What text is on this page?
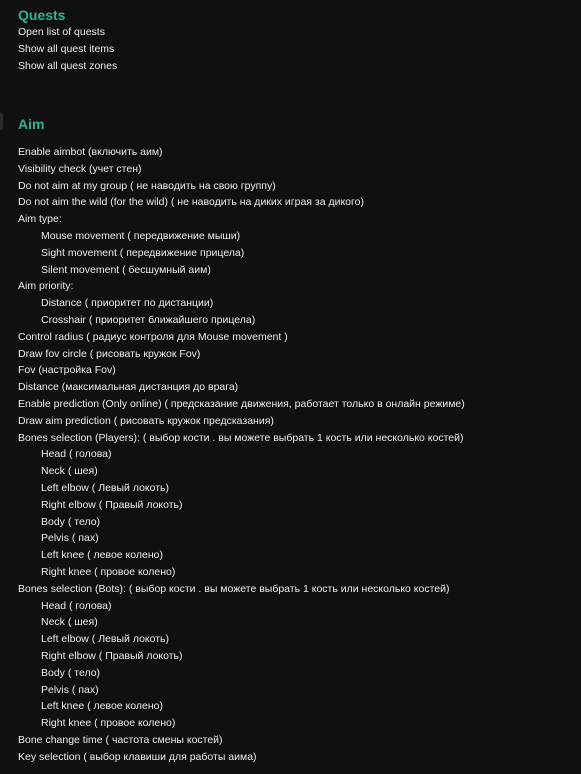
Quests
Open list of quests
Show all quest items
Show all quest zones
Aim
Enable aimbot (включить аим)
Visibility check (учет стен)
Do not aim at my group ( не наводить на свою группу)
Do not aim the wild (for the wild) ( не наводить на диких играя за дикого)
Aim type:
Mouse movement ( передвижение мыши)
Sight movement ( передвижение прицела)
Silent movement ( бесшумный аим)
Aim priority:
Distance ( приоритет по дистанции)
Crosshair ( приоритет ближайшего прицела)
Control radius ( радиус контроля для Mouse movement )
Draw fov circle ( рисовать кружок Fov)
Fov (настройка Fov)
Distance (максимальная дистанция до врага)
Enable prediction (Only online) ( предсказание движения, работает только в онлайн режиме)
Draw aim prediction ( рисовать кружок предсказания)
Bones selection (Players): ( выбор кости . вы можете выбрать 1 кость или несколько костей)
Head ( голова)
Neck ( шея)
Left elbow ( Левый локоть)
Right elbow ( Правый локоть)
Body ( тело)
Pelvis ( пах)
Left knee ( левое колено)
Right knee ( провое колено)
Bones selection (Bots): ( выбор кости . вы можете выбрать 1 кость или несколько костей)
Head ( голова)
Neck ( шея)
Left elbow ( Левый локоть)
Right elbow ( Правый локоть)
Body ( тело)
Pelvis ( пах)
Left knee ( левое колено)
Right knee ( провое колено)
Bone change time ( частота смены костей)
Key selection ( выбор клавиши для работы аима)
